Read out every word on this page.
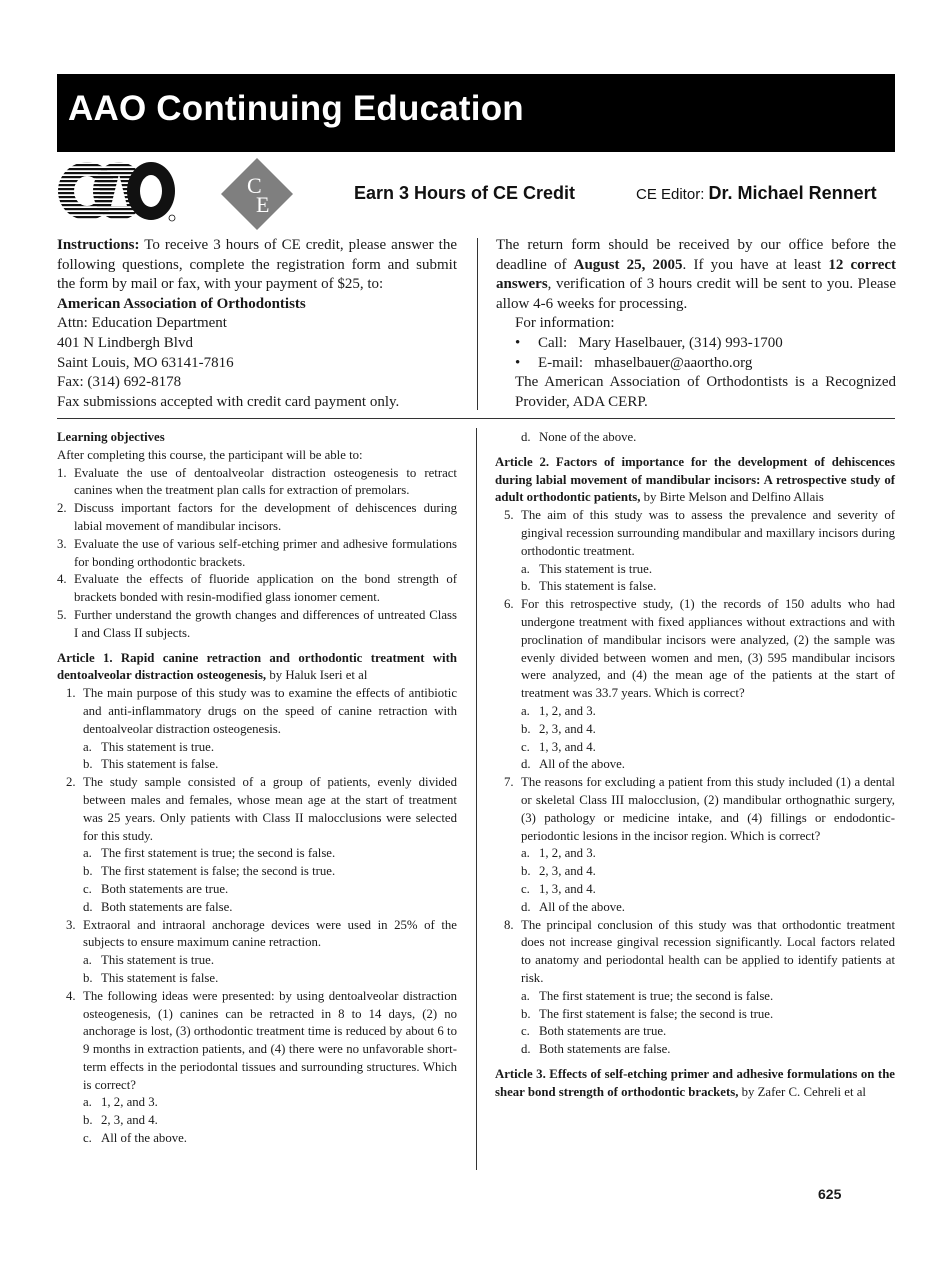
AAO Continuing Education
C
E	Earn 3 Hours of CE Credit	CE Editor: Dr. Michael Rennert

Instructions: To receive 3 hours of CE credit, please answer the following questions, complete the registration form and submit the form by mail or fax, with your payment of $25, to:

American Association of Orthodontists

Attn: Education Department

401 N Lindbergh Blvd

Saint Louis, MO 63141-7816

Fax: (314) 692-8178

Fax submissions accepted with credit card payment only.

The return form should be received by our office before the deadline of August 25, 2005. If you have at least 12 correct answers, verification of 3 hours credit will be sent to you. Please allow 4-6 weeks for processing.

For information:

• Call: Mary Haselbauer, (314) 993-1700

• E-mail: mhaselbauer@aaortho.org

The American Association of Orthodontists is a Recognized Provider, ADA CERP.

Learning objectives

After completing this course, the participant will be able to:

1. Evaluate the use of dentoalveolar distraction osteogenesis to retract canines when the treatment plan calls for extraction of premolars.

2. Discuss important factors for the development of dehiscences during labial movement of mandibular incisors.

3. Evaluate the use of various self-etching primer and adhesive formulations for bonding orthodontic brackets.

4. Evaluate the effects of fluoride application on the bond strength of brackets bonded with resin-modified glass ionomer cement.

5. Further understand the growth changes and differences of untreated Class I and Class II subjects.

Article 1. Rapid canine retraction and orthodontic treatment with dentoalveolar distraction osteogenesis, by Haluk Iseri et al

1. The main purpose of this study was to examine the effects of antibiotic and anti-inflammatory drugs on the speed of canine retraction with dentoalveolar distraction osteogenesis.

a. This statement is true.

b. This statement is false.

2. The study sample consisted of a group of patients, evenly divided between males and females, whose mean age at the start of treatment was 25 years. Only patients with Class II malocclusions were selected for this study.

a. The first statement is true; the second is false.

b. The first statement is false; the second is true.

c. Both statements are true.

d. Both statements are false.

3. Extraoral and intraoral anchorage devices were used in 25% of the subjects to ensure maximum canine retraction.

a. This statement is true.

b. This statement is false.

4. The following ideas were presented: by using dentoalveolar distraction osteogenesis, (1) canines can be retracted in 8 to 14 days, (2) no anchorage is lost, (3) orthodontic treatment time is reduced by about 6 to 9 months in extraction patients, and (4) there were no unfavorable short-term effects in the periodontal tissues and surrounding structures. Which is correct?

a. 1, 2, and 3.

b. 2, 3, and 4.

c. All of the above.

d. None of the above.

Article 2. Factors of importance for the development of dehiscences during labial movement of mandibular incisors: A retrospective study of adult orthodontic patients, by Birte Melson and Delfino Allais

5. The aim of this study was to assess the prevalence and severity of gingival recession surrounding mandibular and maxillary incisors during orthodontic treatment.

a. This statement is true.

b. This statement is false.

6. For this retrospective study, (1) the records of 150 adults who had undergone treatment with fixed appliances without extractions and with proclination of mandibular incisors were analyzed, (2) the sample was evenly divided between women and men, (3) 595 mandibular incisors were analyzed, and (4) the mean age of the patients at the start of treatment was 33.7 years. Which is correct?

a. 1, 2, and 3.

b. 2, 3, and 4.

c. 1, 3, and 4.

d. All of the above.

7. The reasons for excluding a patient from this study included (1) a dental or skeletal Class III malocclusion, (2) mandibular orthognathic surgery, (3) pathology or medicine intake, and (4) fillings or endodontic-periodontic lesions in the incisor region. Which is correct?

a. 1, 2, and 3.

b. 2, 3, and 4.

c. 1, 3, and 4.

d. All of the above.

8. The principal conclusion of this study was that orthodontic treatment does not increase gingival recession significantly. Local factors related to anatomy and periodontal health can be applied to identify patients at risk.

a. The first statement is true; the second is false.

b. The first statement is false; the second is true.

c. Both statements are true.

d. Both statements are false.

Article 3. Effects of self-etching primer and adhesive formulations on the shear bond strength of orthodontic brackets, by Zafer C. Cehreli et al

625
